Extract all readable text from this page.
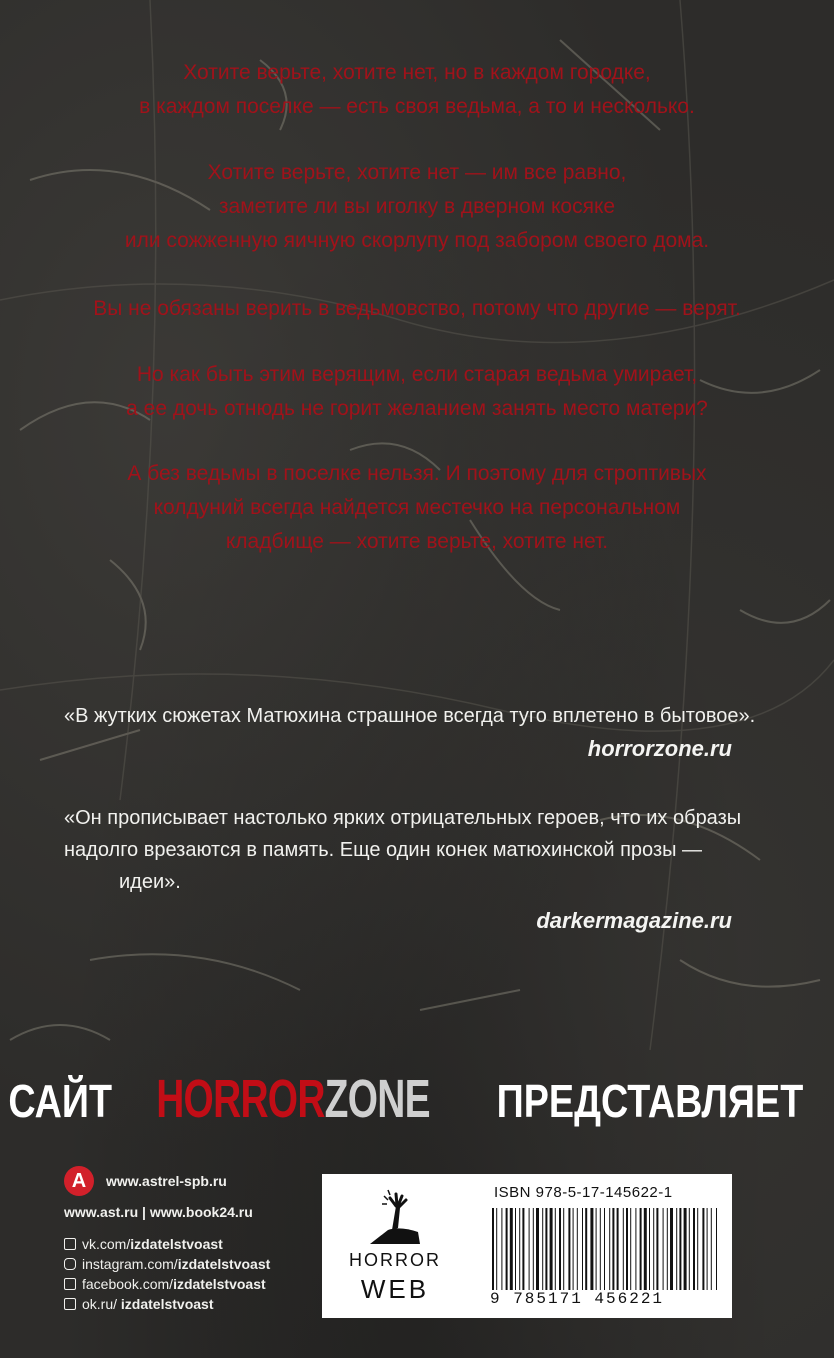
Хотите верьте, хотите нет, но в каждом городке,
в каждом поселке — есть своя ведьма, а то и несколько.
Хотите верьте, хотите нет — им все равно,
заметите ли вы иголку в дверном косяке
или сожженную яичную скорлупу под забором своего дома.
Вы не обязаны верить в ведьмовство, потому что другие — верят.
Но как быть этим верящим, если старая ведьма умирает,
а ее дочь отнюдь не горит желанием занять место матери?
А без ведьмы в поселке нельзя. И поэтому для строптивых
колдуний всегда найдется местечко на персональном
кладбище — хотите верьте, хотите нет.
«В жутких сюжетах Матюхина страшное всегда туго вплетено в бытовое».
horrorzone.ru
«Он прописывает настолько ярких отрицательных героев, что их образы
надолго врезаются в память. Еще один конек матюхинской прозы —
идеи».
darkermagazine.ru
САЙТ HORRORZONE ПРЕДСТАВЛЯЕТ
A	www.astrel-spb.ru
www.ast.ru | www.book24.ru
vk.com/izdatelstvoast
instagram.com/izdatelstvoast
facebook.com/izdatelstvoast
ok.ru/ izdatelstvoast
HORROR
WEB
ISBN 978-5-17-145622-1
9 785171 456221
